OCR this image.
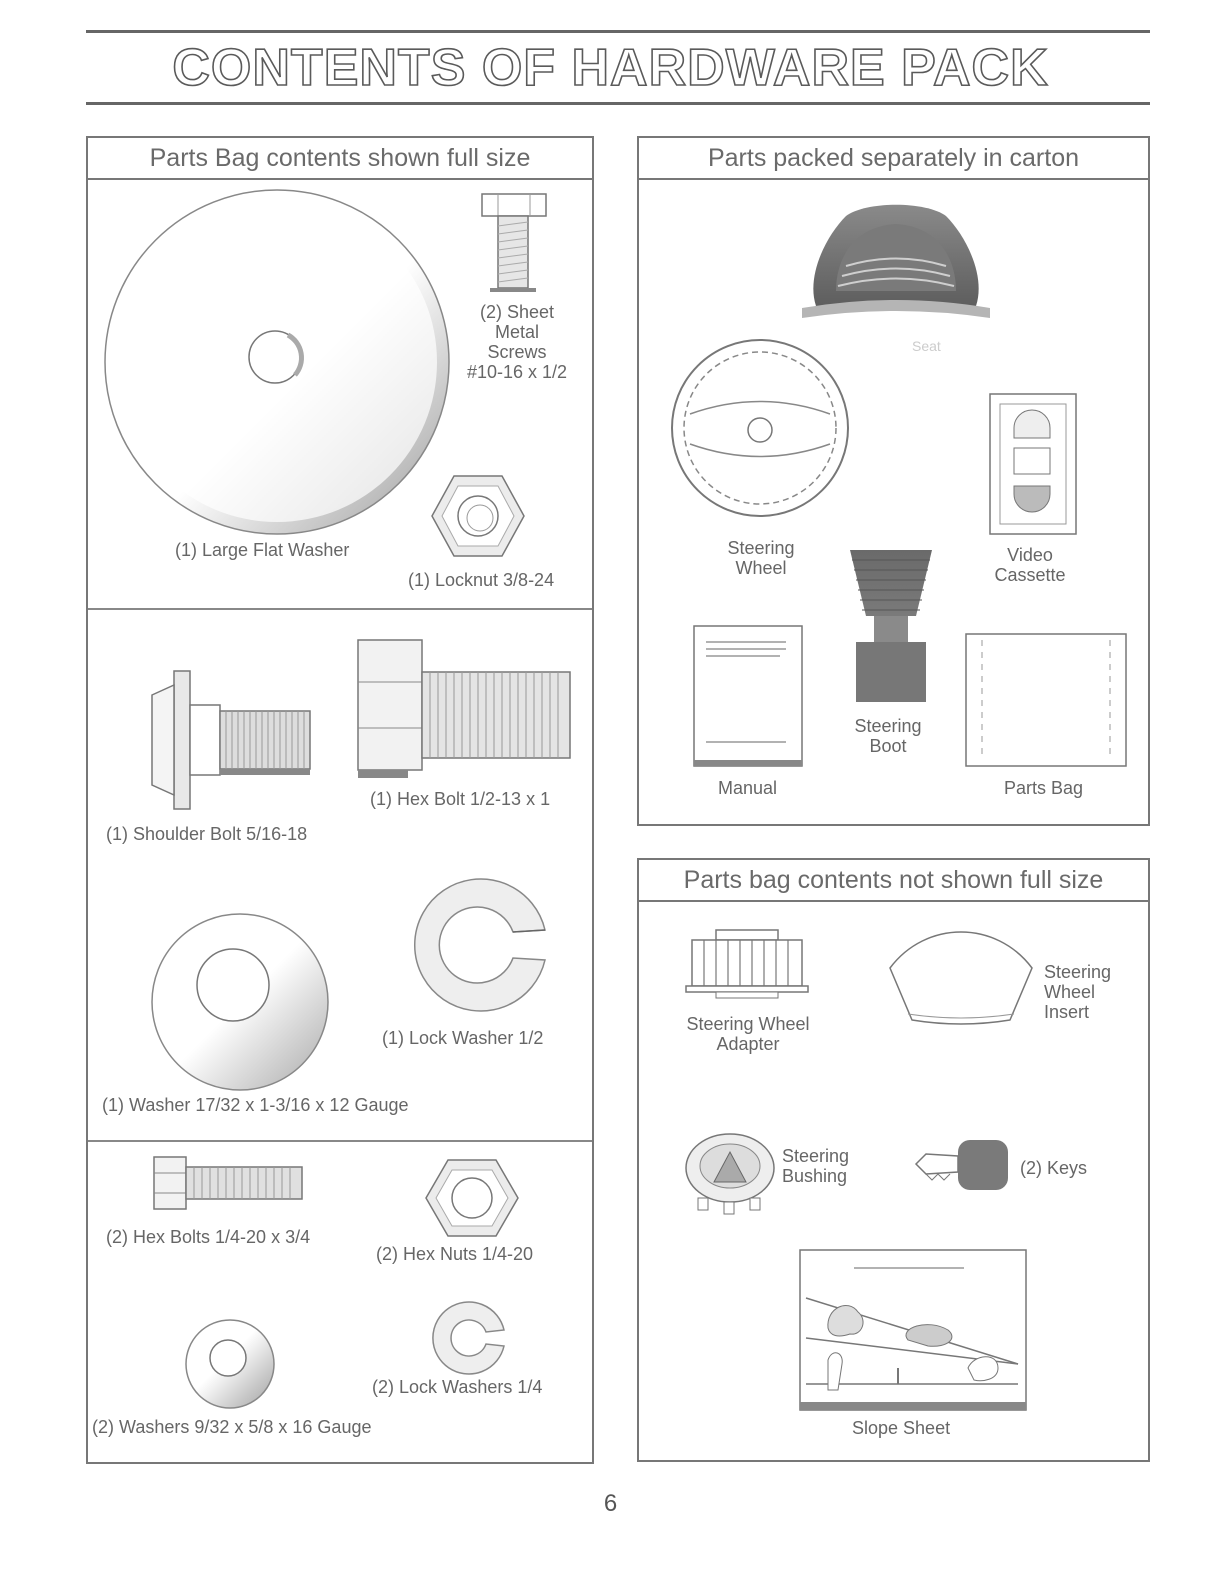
CONTENTS OF HARDWARE PACK
Parts Bag contents shown full size
(1) Large Flat Washer
(2) Sheet
Metal
Screws
#10-16 x 1/2
(1) Locknut 3/8-24
(1) Shoulder Bolt 5/16-18
(1) Hex Bolt 1/2-13 x 1
(1) Washer 17/32 x 1-3/16 x 12 Gauge
(1) Lock Washer 1/2
(2) Hex Bolts 1/4-20 x 3/4
(2) Hex Nuts 1/4-20
(2) Lock Washers 1/4
(2) Washers 9/32 x 5/8 x 16 Gauge
Parts packed separately in carton
Seat
Steering
Wheel
Video
Cassette
Steering
Boot
Manual	Parts Bag
Parts bag contents not shown full size
Steering Wheel
Adapter
Steering
Wheel
Insert
Steering
Bushing	(2) Keys
Slope Sheet
6
